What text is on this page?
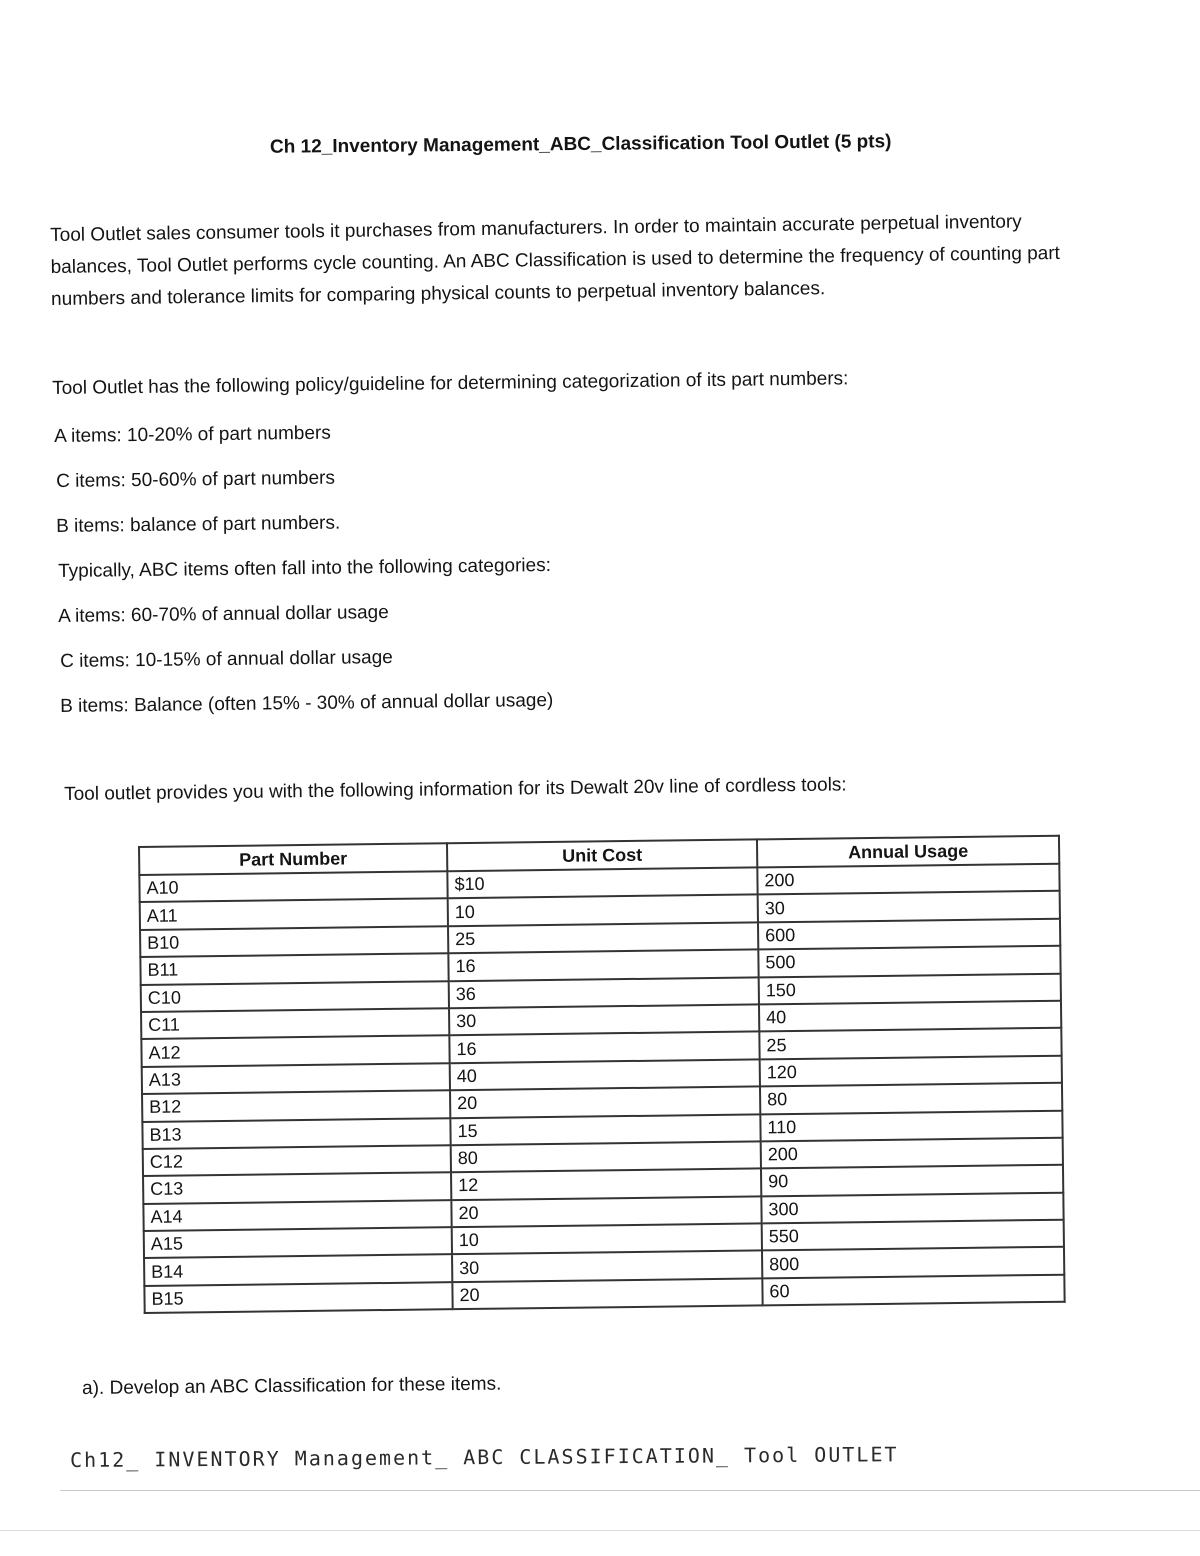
Ch 12_Inventory Management_ABC_Classification Tool Outlet (5 pts)
Tool Outlet sales consumer tools it purchases from manufacturers. In order to maintain accurate perpetual inventory
balances, Tool Outlet performs cycle counting. An ABC Classification is used to determine the frequency of counting part
numbers and tolerance limits for comparing physical counts to perpetual inventory balances.
Tool Outlet has the following policy/guideline for determining categorization of its part numbers:
A items: 10-20% of part numbers
C items: 50-60% of part numbers
B items: balance of part numbers.
Typically, ABC items often fall into the following categories:
A items: 60-70% of annual dollar usage
C items: 10-15% of annual dollar usage
B items: Balance (often 15% - 30% of annual dollar usage)
Tool outlet provides you with the following information for its Dewalt 20v line of cordless tools:
Part Number	Unit Cost	Annual Usage
A10	$10	200
A11	10	30
B10	25	600
B11	16	500
C10	36	150
C11	30	40
A12	16	25
A13	40	120
B12	20	80
B13	15	110
C12	80	200
C13	12	90
A14	20	300
A15	10	550
B14	30	800
B15	20	60
a). Develop an ABC Classification for these items.
Ch12_ INVENTORY Management_ ABC CLASSIFICATION_ Tool OUTLET
